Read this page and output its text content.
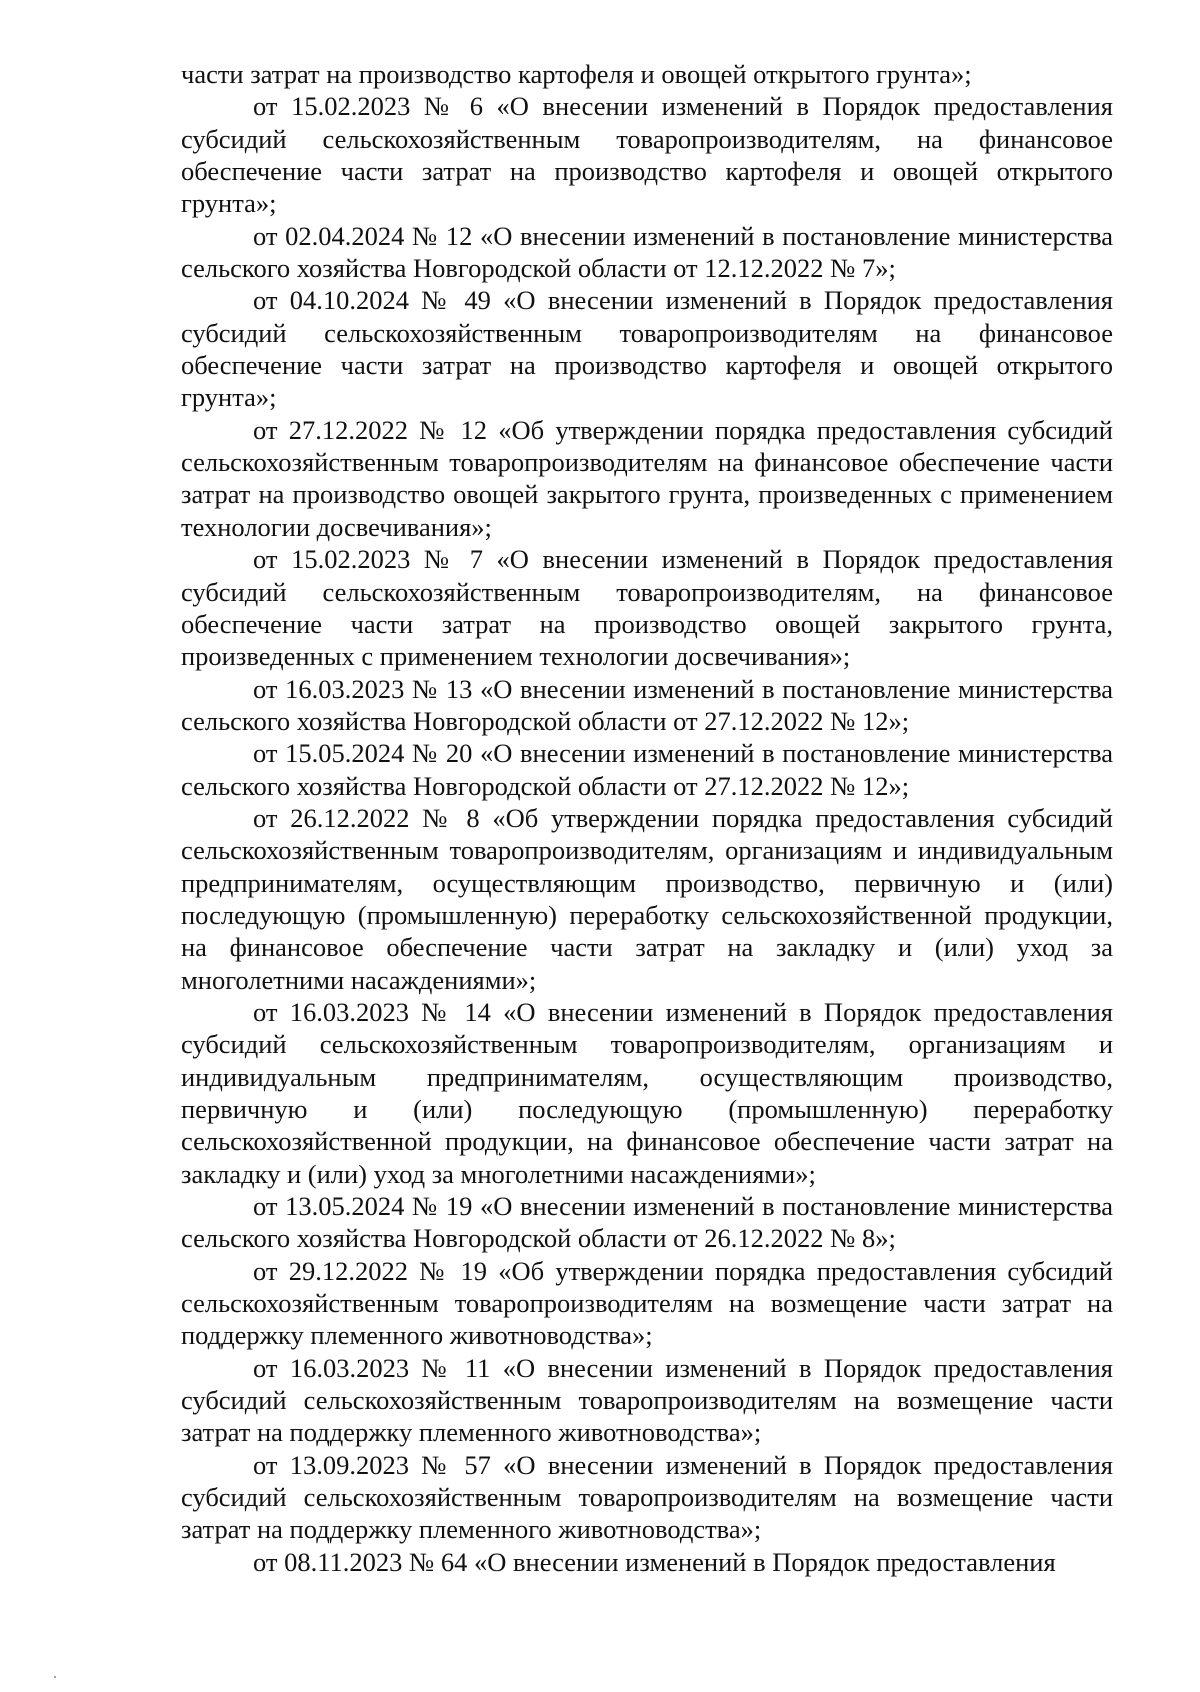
части затрат на производство картофеля и овощей открытого грунта»;

от 15.02.2023 № 6 «О внесении изменений в Порядок предоставления субсидий сельскохозяйственным товаропроизводителям, на финансовое обеспечение части затрат на производство картофеля и овощей открытого грунта»;

от 02.04.2024 № 12 «О внесении изменений в постановление министерства сельского хозяйства Новгородской области от 12.12.2022 № 7»;

от 04.10.2024 № 49 «О внесении изменений в Порядок предоставления субсидий сельскохозяйственным товаропроизводителям на финансовое обеспечение части затрат на производство картофеля и овощей открытого грунта»;

от 27.12.2022 № 12 «Об утверждении порядка предоставления субсидий сельскохозяйственным товаропроизводителям на финансовое обеспечение части затрат на производство овощей закрытого грунта, произведенных с применением технологии досвечивания»;

от 15.02.2023 № 7 «О внесении изменений в Порядок предоставления субсидий сельскохозяйственным товаропроизводителям, на финансовое обеспечение части затрат на производство овощей закрытого грунта, произведенных с применением технологии досвечивания»;

от 16.03.2023 № 13 «О внесении изменений в постановление министерства сельского хозяйства Новгородской области от 27.12.2022 № 12»;

от 15.05.2024 № 20 «О внесении изменений в постановление министерства сельского хозяйства Новгородской области от 27.12.2022 № 12»;

от 26.12.2022 № 8 «Об утверждении порядка предоставления субсидий сельскохозяйственным товаропроизводителям, организациям и индивидуальным предпринимателям, осуществляющим производство, первичную и (или) последующую (промышленную) переработку сельскохозяйственной продукции, на финансовое обеспечение части затрат на закладку и (или) уход за многолетними насаждениями»;

от 16.03.2023 № 14 «О внесении изменений в Порядок предоставления субсидий сельскохозяйственным товаропроизводителям, организациям и индивидуальным предпринимателям, осуществляющим производство, первичную и (или) последующую (промышленную) переработку сельскохозяйственной продукции, на финансовое обеспечение части затрат на закладку и (или) уход за многолетними насаждениями»;

от 13.05.2024 № 19 «О внесении изменений в постановление министерства сельского хозяйства Новгородской области от 26.12.2022 № 8»;

от 29.12.2022 № 19 «Об утверждении порядка предоставления субсидий сельскохозяйственным товаропроизводителям на возмещение части затрат на поддержку племенного животноводства»;

от 16.03.2023 № 11 «О внесении изменений в Порядок предоставления субсидий сельскохозяйственным товаропроизводителям на возмещение части затрат на поддержку племенного животноводства»;

от 13.09.2023 № 57 «О внесении изменений в Порядок предоставления субсидий сельскохозяйственным товаропроизводителям на возмещение части затрат на поддержку племенного животноводства»;

от 08.11.2023 № 64 «О внесении изменений в Порядок предоставления
